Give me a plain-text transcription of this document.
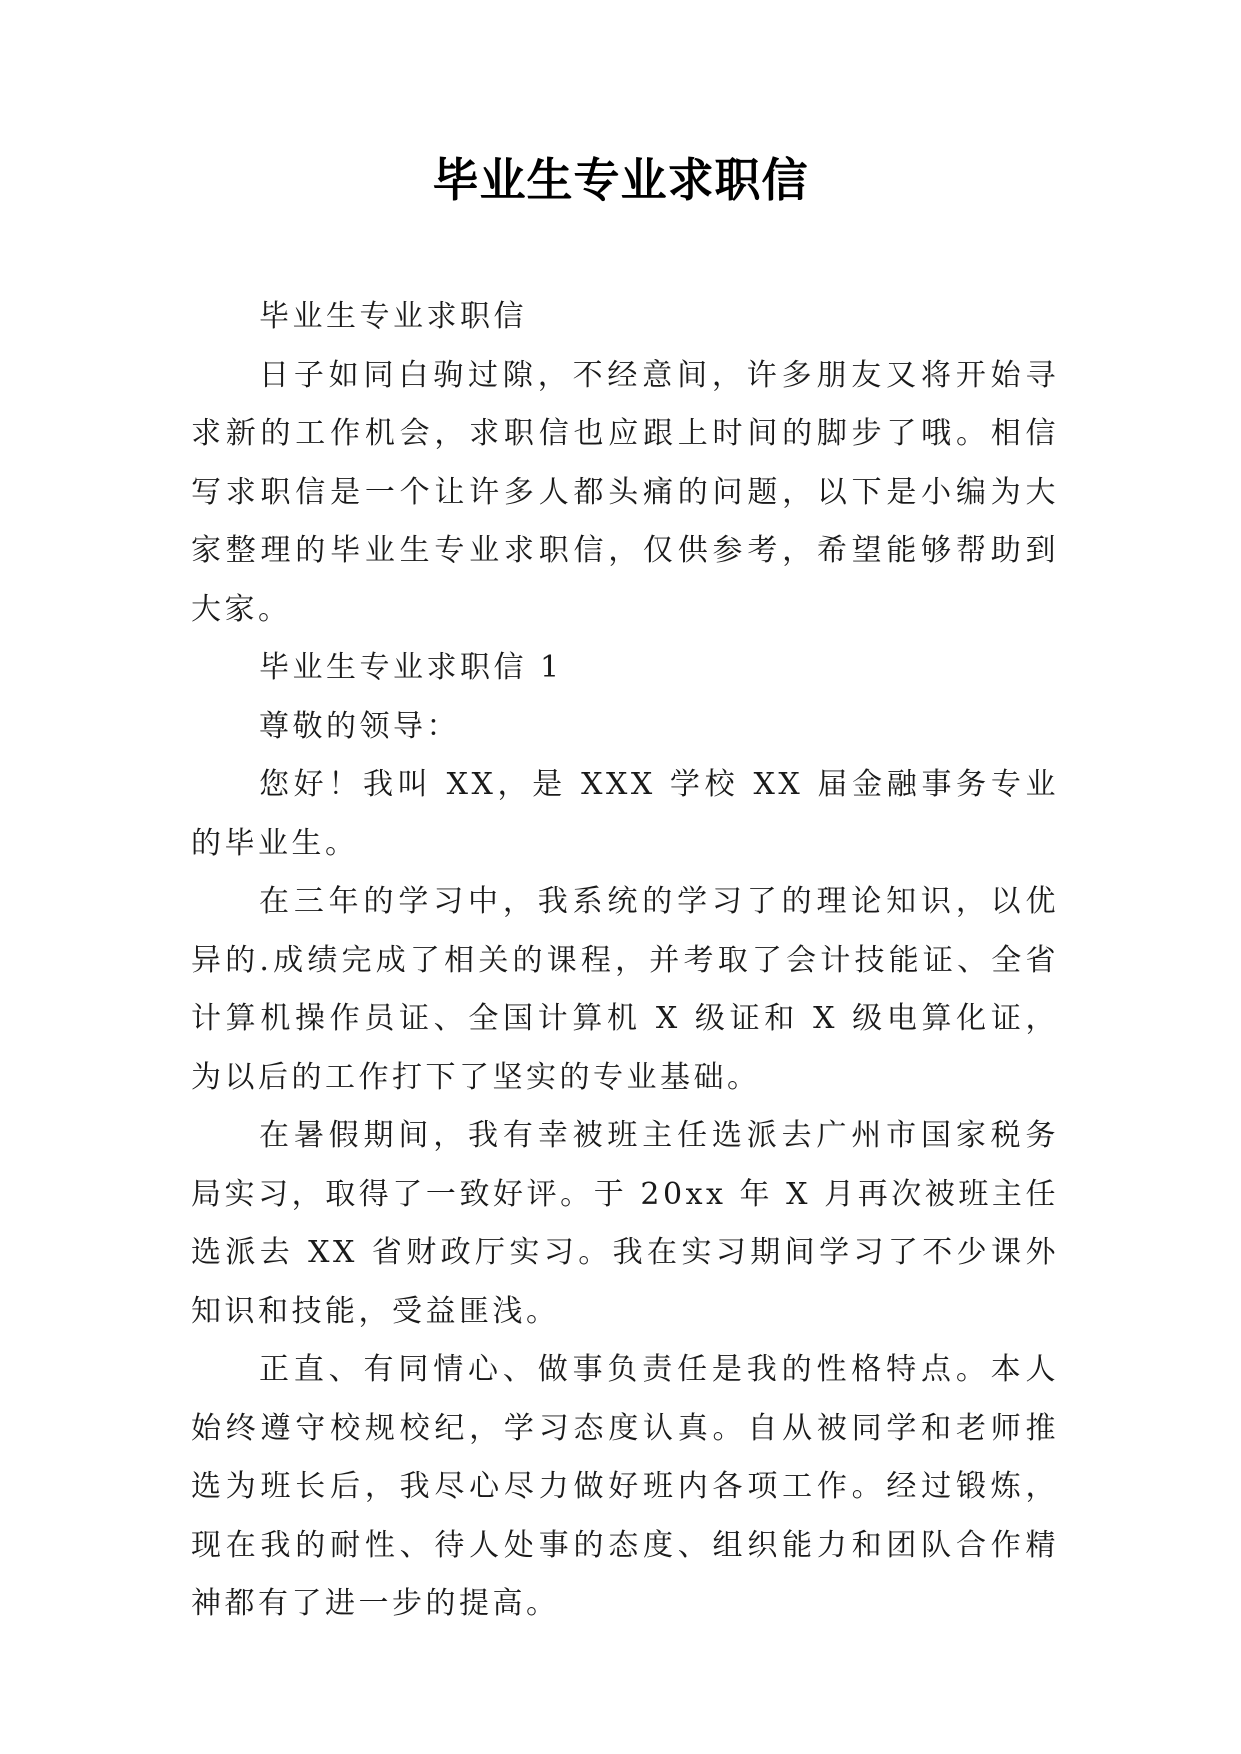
毕业生专业求职信

毕业生专业求职信

日子如同白驹过隙，不经意间，许多朋友又将开始寻求新的工作机会，求职信也应跟上时间的脚步了哦。相信写求职信是一个让许多人都头痛的问题，以下是小编为大家整理的毕业生专业求职信，仅供参考，希望能够帮助到大家。

毕业生专业求职信 1

尊敬的领导：

您好！我叫 XX，是 XXX 学校 XX 届金融事务专业的毕业生。

在三年的学习中，我系统的学习了的理论知识，以优异的.成绩完成了相关的课程，并考取了会计技能证、全省计算机操作员证、全国计算机 X 级证和 X 级电算化证，为以后的工作打下了坚实的专业基础。

在暑假期间，我有幸被班主任选派去广州市国家税务局实习，取得了一致好评。于 20xx 年 X 月再次被班主任选派去 XX 省财政厅实习。我在实习期间学习了不少课外知识和技能，受益匪浅。

正直、有同情心、做事负责任是我的性格特点。本人始终遵守校规校纪，学习态度认真。自从被同学和老师推选为班长后，我尽心尽力做好班内各项工作。经过锻炼，现在我的耐性、待人处事的态度、组织能力和团队合作精神都有了进一步的提高。
